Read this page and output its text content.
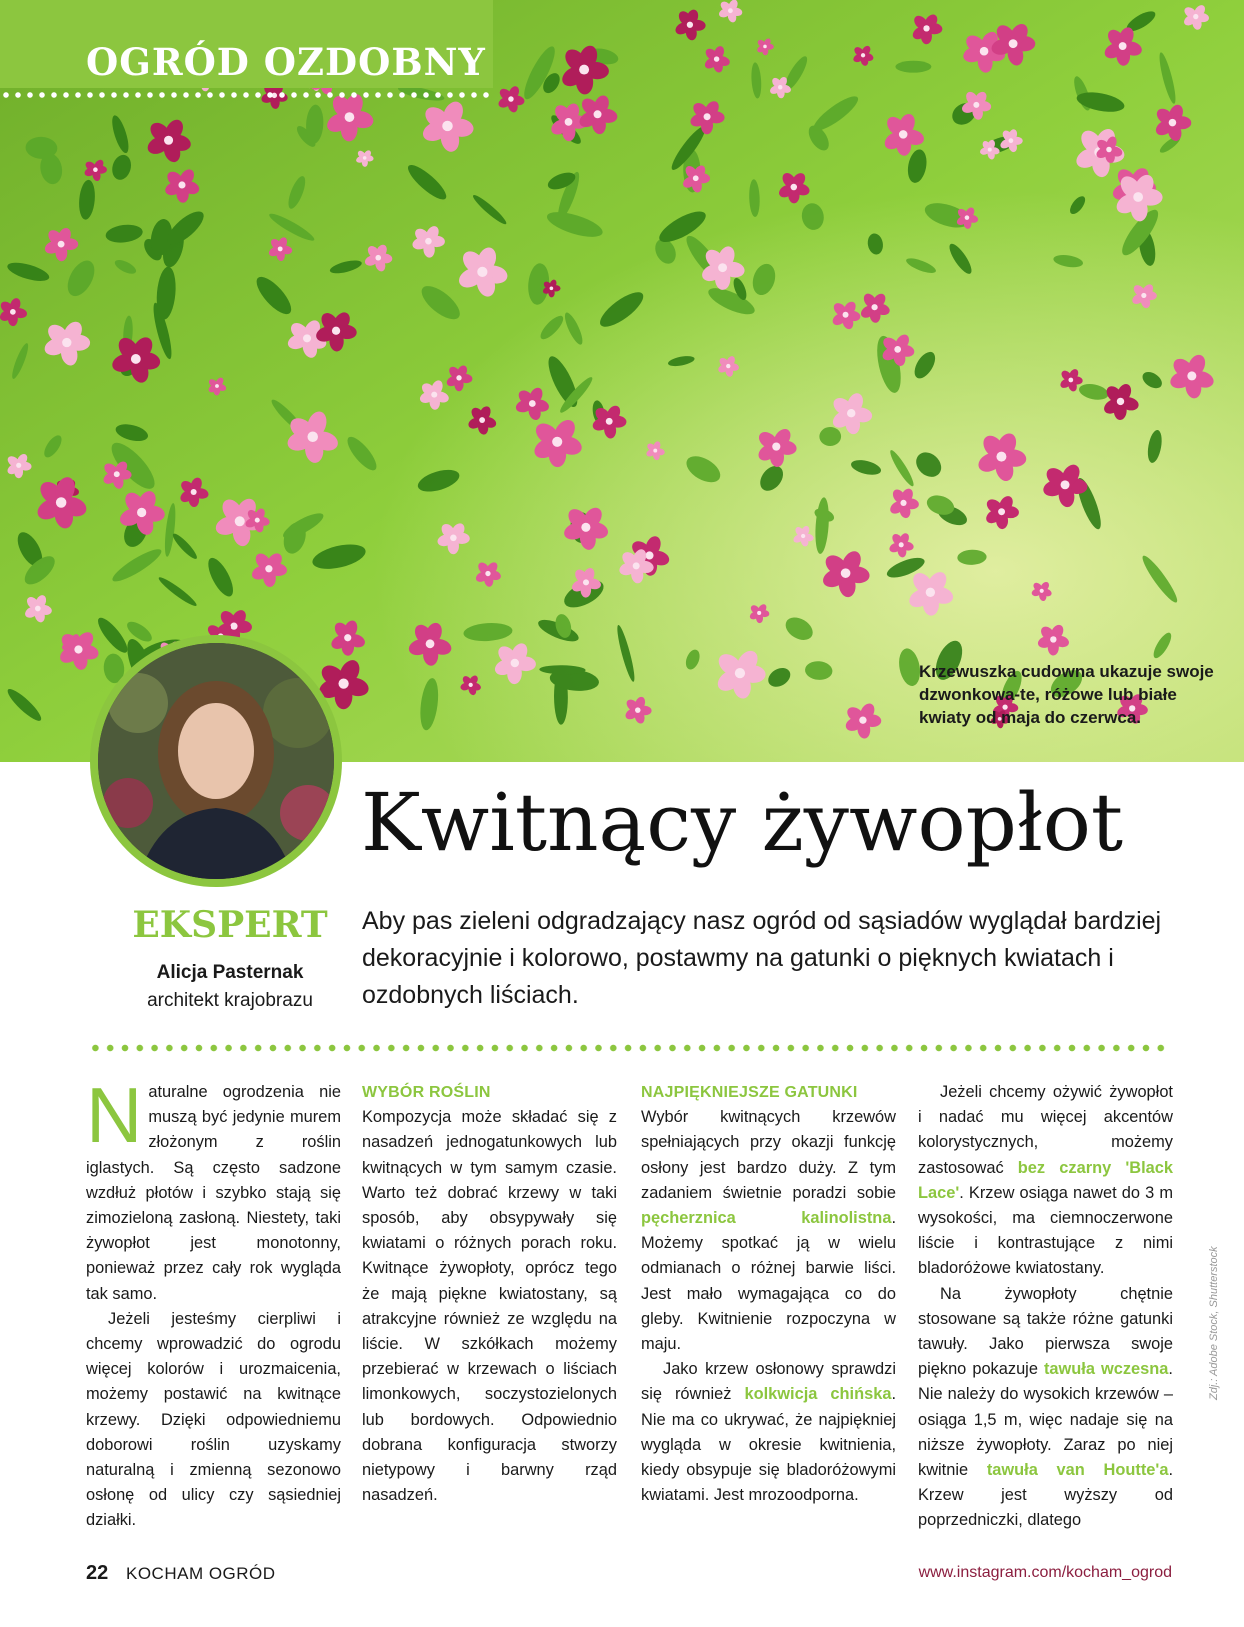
OGRÓD OZDOBNY
Krzewuszka cudowna ukazuje swoje dzwonkowa-te, różowe lub białe kwiaty od maja do czerwca.
Kwitnący żywopłot
EKSPERT
Alicja Pasternak
architekt krajobrazu
Aby pas zieleni odgradzający nasz ogród od sąsiadów wyglądał bardziej dekoracyjnie i kolorowo, postawmy na gatunki o pięknych kwiatach i ozdobnych liściach.

Naturalne ogrodzenia nie muszą być jedynie murem złożonym z roślin iglastych. Są często sadzone wzdłuż płotów i szybko stają się zimozieloną zasłoną. Niestety, taki żywopłot jest monotonny, ponieważ przez cały rok wygląda tak samo.

Jeżeli jesteśmy cierpliwi i chcemy wprowadzić do ogrodu więcej kolorów i urozmaicenia, możemy postawić na kwitnące krzewy. Dzięki odpowiedniemu doborowi roślin uzyskamy naturalną i zmienną sezonowo osłonę od ulicy czy sąsiedniej działki.

WYBÓR ROŚLIN

Kompozycja może składać się z nasadzeń jednogatunkowych lub kwitnących w tym samym czasie. Warto też dobrać krzewy w taki sposób, aby obsypywały się kwiatami o różnych porach roku. Kwitnące żywopłoty, oprócz tego że mają piękne kwiatostany, są atrakcyjne również ze względu na liście. W szkółkach możemy przebierać w krzewach o liściach limonkowych, soczystozielonych lub bordowych. Odpowiednio dobrana konfiguracja stworzy nietypowy i barwny rząd nasadzeń.

NAJPIĘKNIEJSZE GATUNKI

Wybór kwitnących krzewów spełniających przy okazji funkcję osłony jest bardzo duży. Z tym zadaniem świetnie poradzi sobie pęcherznica kalinolistna. Możemy spotkać ją w wielu odmianach o różnej barwie liści. Jest mało wymagająca co do gleby. Kwitnienie rozpoczyna w maju.

Jako krzew osłonowy sprawdzi się również kolkwicja chińska. Nie ma co ukrywać, że najpiękniej wygląda w okresie kwitnienia, kiedy obsypuje się bladoróżowymi kwiatami. Jest mrozoodporna.

Jeżeli chcemy ożywić żywopłot i nadać mu więcej akcentów kolorystycznych, możemy zastosować bez czarny 'Black Lace'. Krzew osiąga nawet do 3 m wysokości, ma ciemnoczerwone liście i kontrastujące z nimi bladoróżowe kwiatostany.

Na żywopłoty chętnie stosowane są także różne gatunki tawuły. Jako pierwsza swoje piękno pokazuje tawuła wczesna. Nie należy do wysokich krzewów – osiąga 1,5 m, więc nadaje się na niższe żywopłoty. Zaraz po niej kwitnie tawuła van Houtte'a. Krzew jest wyższy od poprzedniczki, dlatego

Zdj.: Adobe Stock, Shutterstock
22 KOCHAM OGRÓD	www.instagram.com/kocham_ogrod
